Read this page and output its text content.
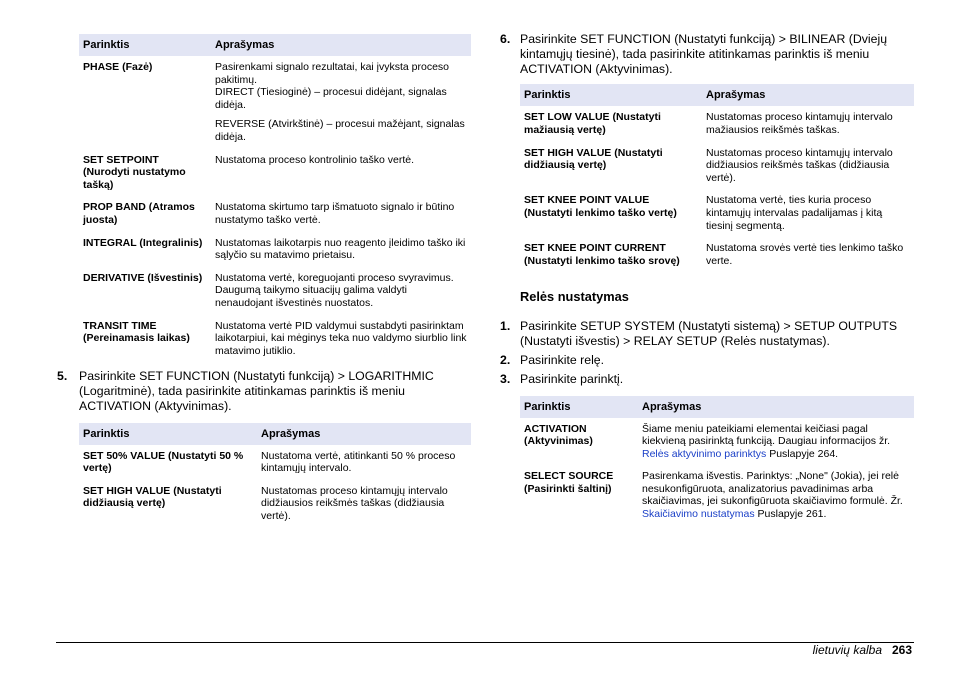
Parinktis	Aprašymas
PHASE (Fazė)	Pasirenkami signalo rezultatai, kai įvyksta proceso pakitimų.
DIRECT (Tiesioginė) – procesui didėjant, signalas didėja.

REVERSE (Atvirkštinė) – procesui mažėjant, signalas didėja.

SET SETPOINT (Nurodyti nustatymo tašką)	Nustatoma proceso kontrolinio taško vertė.
PROP BAND (Atramos juosta)	Nustatoma skirtumo tarp išmatuoto signalo ir būtino nustatymo taško vertė.
INTEGRAL (Integralinis)	Nustatomas laikotarpis nuo reagento įleidimo taško iki sąlyčio su matavimo prietaisu.
DERIVATIVE (Išvestinis)	Nustatoma vertė, koreguojanti proceso svyravimus. Daugumą taikymo situacijų galima valdyti nenaudojant išvestinės nuostatos.
TRANSIT TIME (Pereinamasis laikas)	Nustatoma vertė PID valdymui sustabdyti pasirinktam laikotarpiui, kai mėginys teka nuo valdymo siurblio link matavimo jutiklio.
5. Pasirinkite SET FUNCTION (Nustatyti funkciją) > LOGARITHMIC (Logaritminė), tada pasirinkite atitinkamas parinktis iš meniu ACTIVATION (Aktyvinimas).
Parinktis	Aprašymas
SET 50% VALUE (Nustatyti 50 % vertę)	Nustatoma vertė, atitinkanti 50 % proceso kintamųjų intervalo.
SET HIGH VALUE (Nustatyti didžiausią vertę)	Nustatomas proceso kintamųjų intervalo didžiausios reikšmės taškas (didžiausia vertė).
6. Pasirinkite SET FUNCTION (Nustatyti funkciją) > BILINEAR (Dviejų kintamųjų tiesinė), tada pasirinkite atitinkamas parinktis iš meniu ACTIVATION (Aktyvinimas).
Parinktis	Aprašymas
SET LOW VALUE (Nustatyti mažiausią vertę)	Nustatomas proceso kintamųjų intervalo mažiausios reikšmės taškas.
SET HIGH VALUE (Nustatyti didžiausią vertę)	Nustatomas proceso kintamųjų intervalo didžiausios reikšmės taškas (didžiausia vertė).
SET KNEE POINT VALUE (Nustatyti lenkimo taško vertę)	Nustatoma vertė, ties kuria proceso kintamųjų intervalas padalijamas į kitą tiesinį segmentą.
SET KNEE POINT CURRENT (Nustatyti lenkimo taško srovę)	Nustatoma srovės vertė ties lenkimo taško verte.
Relės nustatymas
1. Pasirinkite SETUP SYSTEM (Nustatyti sistemą) > SETUP OUTPUTS (Nustatyti išvestis) > RELAY SETUP (Relės nustatymas).
2. Pasirinkite relę.
3. Pasirinkite parinktį.
Parinktis	Aprašymas
ACTIVATION (Aktyvinimas)	Šiame meniu pateikiami elementai keičiasi pagal kiekvieną pasirinktą funkciją. Daugiau informacijos žr. Relės aktyvinimo parinktys Puslapyje 264.
SELECT SOURCE (Pasirinkti šaltinį)	Pasirenkama išvestis. Parinktys: „None" (Jokia), jei relė nesukonfigūruota, analizatorius pavadinimas arba skaičiavimas, jei sukonfigūruota skaičiavimo formulė. Žr. Skaičiavimo nustatymas Puslapyje 261.
lietuvių kalba 263
